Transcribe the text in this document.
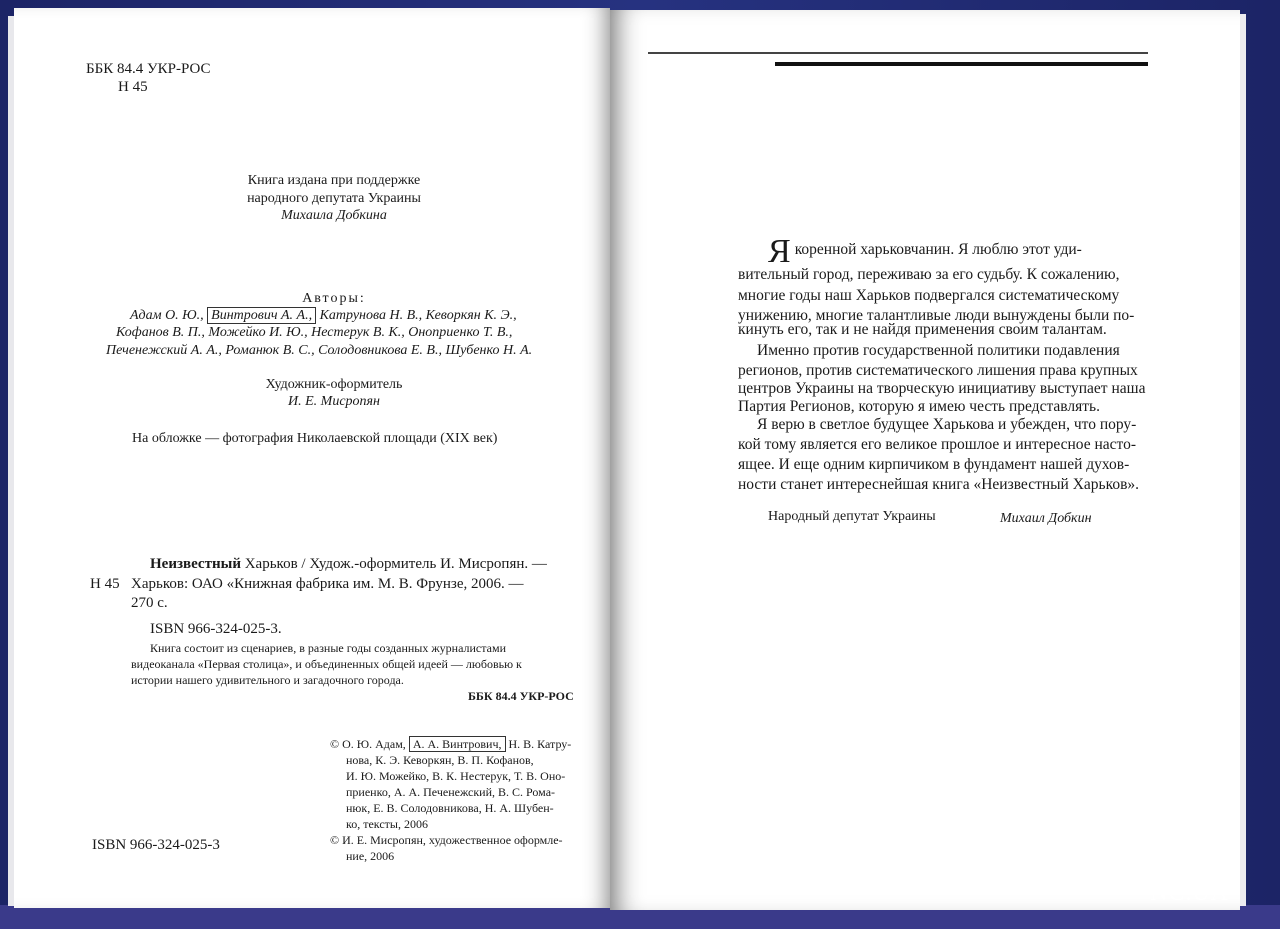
ББК 84.4 УКР-РОС
Н 45
Книга издана при поддержке
народного депутата Украины
Михаила Добкина
Авторы:
Адам О. Ю., Винтрович А. А., Катрунова Н. В., Кеворкян К. Э.,
Кофанов В. П., Можейко И. Ю., Нестерук В. К., Оноприенко Т. В.,
Печенежский А. А., Романюк В. С., Солодовникова Е. В., Шубенко Н. А.
Художник-оформитель
И. Е. Мисропян
На обложке — фотография Николаевской площади (XIX век)
Неизвестный Харьков / Худож.-оформитель И. Мисропян. —
Н 45 Харьков: ОАО «Книжная фабрика им. М. В. Фрунзе, 2006. —
270 с.
ISBN 966-324-025-3.
Книга состоит из сценариев, в разные годы созданных журналистами
видеоканала «Первая столица», и объединенных общей идеей — любовью к
истории нашего удивительного и загадочного города.
ББК 84.4 УКР-РОС
© О. Ю. Адам, А. А. Винтрович, Н. В. Катру-
нова, К. Э. Кеворкян, В. П. Кофанов,
И. Ю. Можейко, В. К. Нестерук, Т. В. Оно-
приенко, А. А. Печенежский, В. С. Рома-
нюк, Е. В. Солодовникова, Н. А. Шубен-
ко, тексты, 2006
© И. Е. Мисропян, художественное оформле-
ние, 2006
ISBN 966-324-025-3
Я коренной харьковчанин. Я люблю этот уди-
вительный город, переживаю за его судьбу. К сожалению,
многие годы наш Харьков подвергался систематическому
унижению, многие талантливые люди вынуждены были по-
кинуть его, так и не найдя применения своим талантам.
Именно против государственной политики подавления
регионов, против систематического лишения права крупных
центров Украины на творческую инициативу выступает наша
Партия Регионов, которую я имею честь представлять.
Я верю в светлое будущее Харькова и убежден, что пору-
кой тому является его великое прошлое и интересное насто-
ящее. И еще одним кирпичиком в фундамент нашей духов-
ности станет интереснейшая книга «Неизвестный Харьков».
Народный депутат Украины	Михаил Добкин
NC.UA
